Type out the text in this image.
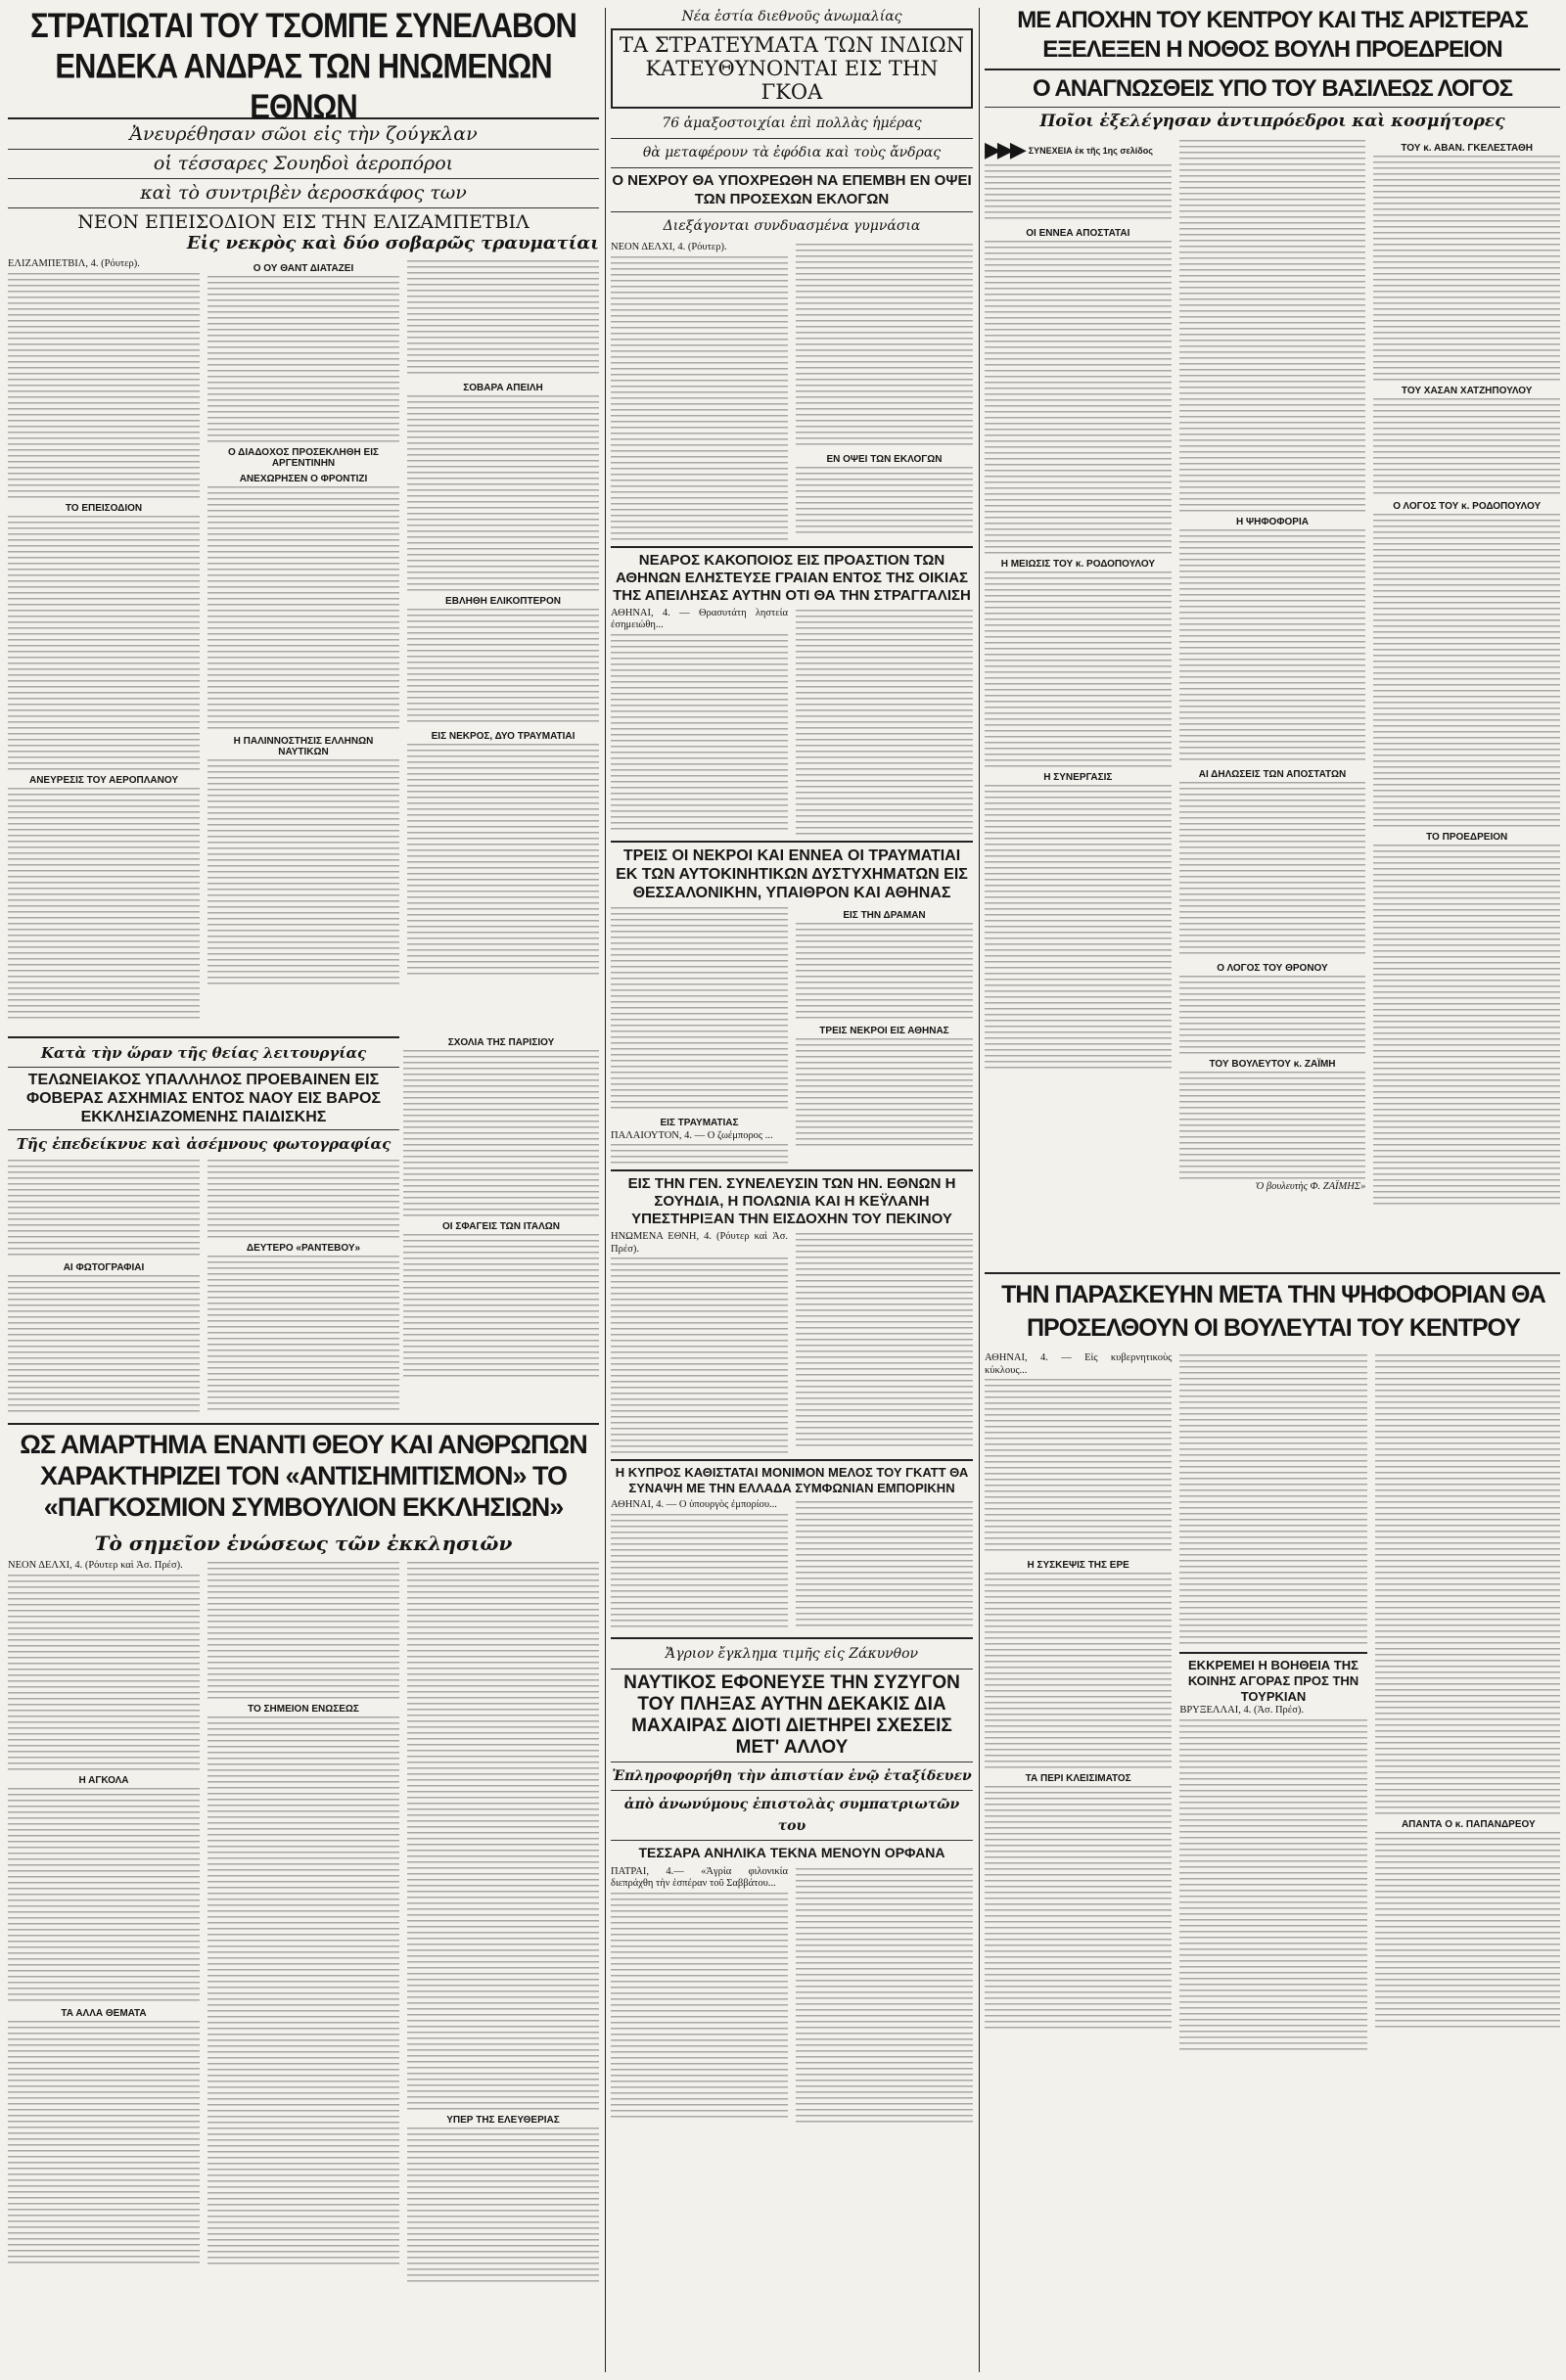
ΣΤΡΑΤΙΩΤΑΙ ΤΟΥ ΤΣΟΜΠΕ ΣΥΝΕΛΑΒΟΝ ΕΝΔΕΚΑ ΑΝΔΡΑΣ ΤΩΝ ΗΝΩΜΕΝΩΝ ΕΘΝΩΝ
Ἀνευρέθησαν σῶοι εἰς τὴν ζούγκλαν
οἱ τέσσαρες Σουηδοὶ ἀεροπόροι
καὶ τὸ συντριβὲν ἀεροσκάφος των
ΝΕΟΝ ΕΠΕΙΣΟΔΙΟΝ ΕΙΣ ΤΗΝ ΕΛΙΖΑΜΠΕΤΒΙΛ
Εἰς νεκρὸς καὶ δύο σοβαρῶς τραυματίαι
ΕΛΙΖΑΜΠΕΤΒΙΛ, 4. (Ρόυτερ).
ΤΟ ΕΠΕΙΣΟΔΙΟΝ
ΑΝΕΥΡΕΣΙΣ ΤΟΥ ΑΕΡΟΠΛΑΝΟΥ
Ο ΟΥ ΘΑΝΤ ΔΙΑΤΑΖΕΙ
Ο ΔΙΑΔΟΧΟΣ ΠΡΟΣΕΚΛΗΘΗ ΕΙΣ ΑΡΓΕΝΤΙΝΗΝ
ΑΝΕΧΩΡΗΣΕΝ Ο ΦΡΟΝΤΙΖΙ
Η ΠΑΛΙΝΝΟΣΤΗΣΙΣ ΕΛΛΗΝΩΝ ΝΑΥΤΙΚΩΝ
ΣΟΒΑΡΑ ΑΠΕΙΛΗ
ΕΒΛΗΘΗ ΕΛΙΚΟΠΤΕΡΟΝ
ΕΙΣ ΝΕΚΡΟΣ, ΔΥΟ ΤΡΑΥΜΑΤΙΑΙ
Κατὰ τὴν ὥραν τῆς θείας λειτουργίας
ΤΕΛΩΝΕΙΑΚΟΣ ΥΠΑΛΛΗΛΟΣ ΠΡΟΕΒΑΙΝΕΝ ΕΙΣ ΦΟΒΕΡΑΣ ΑΣΧΗΜΙΑΣ ΕΝΤΟΣ ΝΑΟΥ ΕΙΣ ΒΑΡΟΣ ΕΚΚΛΗΣΙΑΖΟΜΕΝΗΣ ΠΑΙΔΙΣΚΗΣ
Τῆς ἐπεδείκνυε καὶ ἀσέμνους φωτογραφίας
ΑΙ ΦΩΤΟΓΡΑΦΙΑΙ
ΔΕΥΤΕΡΟ «ΡΑΝΤΕΒΟΥ»
ΣΧΟΛΙΑ ΤΗΣ ΠΑΡΙΣΙΟΥ
ΟΙ ΣΦΑΓΕΙΣ ΤΩΝ ΙΤΑΛΩΝ
ΩΣ ΑΜΑΡΤΗΜΑ ΕΝΑΝΤΙ ΘΕΟΥ ΚΑΙ ΑΝΘΡΩΠΩΝ ΧΑΡΑΚΤΗΡΙΖΕΙ ΤΟΝ «ΑΝΤΙΣΗΜΙΤΙΣΜΟΝ» ΤΟ «ΠΑΓΚΟΣΜΙΟΝ ΣΥΜΒΟΥΛΙΟΝ ΕΚΚΛΗΣΙΩΝ»
Τὸ σημεῖον ἑνώσεως τῶν ἐκκλησιῶν
ΝΕΟΝ ΔΕΛΧΙ, 4. (Ρόυτερ καὶ Ἀσ. Πρέσ).
Η ΑΓΚΟΛΑ
ΤΑ ΑΛΛΑ ΘΕΜΑΤΑ
ΤΟ ΣΗΜΕΙΟΝ ΕΝΩΣΕΩΣ
ΥΠΕΡ ΤΗΣ ΕΛΕΥΘΕΡΙΑΣ
Νέα ἑστία διεθνοῦς ἀνωμαλίας
ΤΑ ΣΤΡΑΤΕΥΜΑΤΑ ΤΩΝ ΙΝΔΙΩΝ ΚΑΤΕΥΘΥΝΟΝΤΑΙ ΕΙΣ ΤΗΝ ΓΚΟΑ
76 ἀμαξοστοιχίαι ἐπὶ πολλὰς ἡμέρας
θὰ μεταφέρουν τὰ ἐφόδια καὶ τοὺς ἄνδρας
Ο ΝΕΧΡΟΥ ΘΑ ΥΠΟΧΡΕΩΘΗ ΝΑ ΕΠΕΜΒΗ ΕΝ ΟΨΕΙ ΤΩΝ ΠΡΟΣΕΧΩΝ ΕΚΛΟΓΩΝ
Διεξάγονται συνδυασμένα γυμνάσια
ΝΕΟΝ ΔΕΛΧΙ, 4. (Ρόυτερ).
ΕΝ ΟΨΕΙ ΤΩΝ ΕΚΛΟΓΩΝ
ΝΕΑΡΟΣ ΚΑΚΟΠΟΙΟΣ ΕΙΣ ΠΡΟΑΣΤΙΟΝ ΤΩΝ ΑΘΗΝΩΝ ΕΛΗΣΤΕΥΣΕ ΓΡΑΙΑΝ ΕΝΤΟΣ ΤΗΣ ΟΙΚΙΑΣ ΤΗΣ ΑΠΕΙΛΗΣΑΣ ΑΥΤΗΝ ΟΤΙ ΘΑ ΤΗΝ ΣΤΡΑΓΓΑΛΙΣΗ
ΑΘΗΝΑΙ, 4. — Θρασυτάτη ληστεία ἐσημειώθη...
ΤΡΕΙΣ ΟΙ ΝΕΚΡΟΙ ΚΑΙ ΕΝΝΕΑ ΟΙ ΤΡΑΥΜΑΤΙΑΙ ΕΚ ΤΩΝ ΑΥΤΟΚΙΝΗΤΙΚΩΝ ΔΥΣΤΥΧΗΜΑΤΩΝ ΕΙΣ ΘΕΣΣΑΛΟΝΙΚΗΝ, ΥΠΑΙΘΡΟΝ ΚΑΙ ΑΘΗΝΑΣ
ΕΙΣ ΤΡΑΥΜΑΤΙΑΣ
ΠΑΛΑΙΟΥΤΟΝ, 4. — Ο ζωέμπορος ...
ΕΙΣ ΤΗΝ ΔΡΑΜΑΝ
ΤΡΕΙΣ ΝΕΚΡΟΙ ΕΙΣ ΑΘΗΝΑΣ
ΕΙΣ ΤΗΝ ΓΕΝ. ΣΥΝΕΛΕΥΣΙΝ ΤΩΝ ΗΝ. ΕΘΝΩΝ Η ΣΟΥΗΔΙΑ, Η ΠΟΛΩΝΙΑ ΚΑΙ Η ΚΕΫΛΑΝΗ ΥΠΕΣΤΗΡΙΞΑΝ ΤΗΝ ΕΙΣΔΟΧΗΝ ΤΟΥ ΠΕΚΙΝΟΥ
ΗΝΩΜΕΝΑ ΕΘΝΗ, 4. (Ρόυτερ καὶ Ἀσ. Πρέσ).
Η ΚΥΠΡΟΣ ΚΑΘΙΣΤΑΤΑΙ ΜΟΝΙΜΟΝ ΜΕΛΟΣ ΤΟΥ ΓΚΑΤΤ ΘΑ ΣΥΝΑΨΗ ΜΕ ΤΗΝ ΕΛΛΑΔΑ ΣΥΜΦΩΝΙΑΝ ΕΜΠΟΡΙΚΗΝ
ΑΘΗΝΑΙ, 4. — Ο ὑπουργὸς ἐμπορίου...
Ἄγριον ἔγκλημα τιμῆς εἰς Ζάκυνθον
ΝΑΥΤΙΚΟΣ ΕΦΟΝΕΥΣΕ ΤΗΝ ΣΥΖΥΓΟΝ ΤΟΥ ΠΛΗΞΑΣ ΑΥΤΗΝ ΔΕΚΑΚΙΣ ΔΙΑ ΜΑΧΑΙΡΑΣ ΔΙΟΤΙ ΔΙΕΤΗΡΕΙ ΣΧΕΣΕΙΣ ΜΕΤ' ΑΛΛΟΥ
Ἐπληροφορήθη τὴν ἀπιστίαν ἐνῷ ἐταξίδευεν
ἀπὸ ἀνωνύμους ἐπιστολὰς συμπατριωτῶν του
ΤΕΣΣΑΡΑ ΑΝΗΛΙΚΑ ΤΕΚΝΑ ΜΕΝΟΥΝ ΟΡΦΑΝΑ
ΠΑΤΡΑΙ, 4.— «Ἀγρία φιλονικία διεπράχθη τὴν ἑσπέραν τοῦ Σαββάτου...
ΜΕ ΑΠΟΧΗΝ ΤΟΥ ΚΕΝΤΡΟΥ ΚΑΙ ΤΗΣ ΑΡΙΣΤΕΡΑΣ
ΕΞΕΛΕΞΕΝ Η ΝΟΘΟΣ ΒΟΥΛΗ ΠΡΟΕΔΡΕΙΟΝ
Ο ΑΝΑΓΝΩΣΘΕΙΣ ΥΠΟ ΤΟΥ ΒΑΣΙΛΕΩΣ ΛΟΓΟΣ
Ποῖοι ἐξελέγησαν ἀντιπρόεδροι καὶ κοσμήτορες
▶▶▶ ΣΥΝΕΧΕΙΑ ἐκ τῆς 1ης σελίδος
ΟΙ ΕΝΝΕΑ ΑΠΟΣΤΑΤΑΙ
Η ΜΕΙΩΣΙΣ ΤΟΥ κ. ΡΟΔΟΠΟΥΛΟΥ
Η ΣΥΝΕΡΓΑΣΙΣ
Η ΨΗΦΟΦΟΡΙΑ
ΑΙ ΔΗΛΩΣΕΙΣ ΤΩΝ ΑΠΟΣΤΑΤΩΝ
Ο ΛΟΓΟΣ ΤΟΥ ΘΡΟΝΟΥ
ΤΟΥ ΒΟΥΛΕΥΤΟΥ κ. ΖΑΪΜΗ
Ὁ βουλευτὴς Φ. ΖΑΪΜΗΣ»
ΤΟΥ κ. ΑΒΑΝ. ΓΚΕΛΕΣΤΑΘΗ
ΤΟΥ ΧΑΣΑΝ ΧΑΤΖΗΠΟΥΛΟΥ
Ο ΛΟΓΟΣ ΤΟΥ κ. ΡΟΔΟΠΟΥΛΟΥ
ΤΟ ΠΡΟΕΔΡΕΙΟΝ
ΤΗΝ ΠΑΡΑΣΚΕΥΗΝ ΜΕΤΑ ΤΗΝ ΨΗΦΟΦΟΡΙΑΝ ΘΑ ΠΡΟΣΕΛΘΟΥΝ ΟΙ ΒΟΥΛΕΥΤΑΙ ΤΟΥ ΚΕΝΤΡΟΥ
ΑΘΗΝΑΙ, 4. — Εἰς κυβερνητικοὺς κύκλους...
Η ΣΥΣΚΕΨΙΣ ΤΗΣ ΕΡΕ
ΤΑ ΠΕΡΙ ΚΛΕΙΣΙΜΑΤΟΣ
ΕΚΚΡΕΜΕΙ Η ΒΟΗΘΕΙΑ ΤΗΣ ΚΟΙΝΗΣ ΑΓΟΡΑΣ ΠΡΟΣ ΤΗΝ ΤΟΥΡΚΙΑΝ
ΒΡΥΞΕΛΛΑΙ, 4. (Ἀσ. Πρέσ).
ΑΠΑΝΤΑ Ο κ. ΠΑΠΑΝΔΡΕΟΥ
